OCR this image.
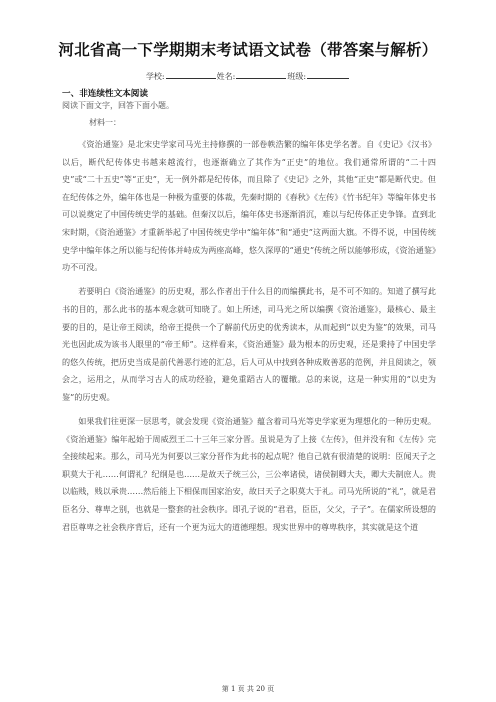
河北省高一下学期期末考试语文试卷（带答案与解析）
学校:	姓名:	班级:
一、非连续性文本阅读
阅读下面文字，回答下面小题。
材料一：

《资治通鉴》是北宋史学家司马光主持修撰的一部卷帙浩繁的编年体史学名著。自《史记》《汉书》以后，断代纪传体史书越来越流行，也逐渐确立了其作为“正史”的地位。我们通常所谓的“二十四史”或“二十五史”等“正史”，无一例外都是纪传体，而且除了《史记》之外，其他“正史”都是断代史。但在纪传体之外，编年体也是一种极为重要的体裁，先秦时期的《春秋》《左传》《竹书纪年》等编年体史书可以说奠定了中国传统史学的基础。但秦汉以后，编年体史书逐渐消沉，难以与纪传体正史争锋。直到北宋时期，《资治通鉴》才重新举起了中国传统史学中“编年体”和“通史”这两面大旗。不得不说，中国传统史学中编年体之所以能与纪传体并峙成为两座高峰，悠久深厚的“通史”传统之所以能够形成，《资治通鉴》功不可没。

若要明白《资治通鉴》的历史观，那么作者出于什么目的而编撰此书，是不可不知的。知道了撰写此书的目的，那么此书的基本观念就可知晓了。如上所述，司马光之所以编撰《资治通鉴》，最核心、最主要的目的，是让帝王阅读，给帝王提供一个了解前代历史的优秀读本，从而起到“以史为鉴”的效果，司马光也因此成为该书人眼里的“帝王师”。这样看来，《资治通鉴》最为根本的历史观，还是秉持了中国史学的悠久传统，把历史当成是前代善恶行迹的汇总，后人可从中找到各种成败善恶的范例，并且阅读之，领会之，运用之，从而学习古人的成功经验，避免重蹈古人的覆辙。总的来说，这是一种实用的“以史为鉴”的历史观。

如果我们往更深一层思考，就会发现《资治通鉴》蕴含着司马光等史学家更为理想化的一种历史观。《资治通鉴》编年起始于周威烈王二十三年三家分晋。虽说是为了上接《左传》，但并没有和《左传》完全接续起来。那么，司马光为何要以三家分晋作为此书的起点呢？他自己就有很清楚的说明：臣闻天子之职莫大于礼……何谓礼？纪纲是也……是故天子统三公，三公率诸侯，诸侯制卿大夫，卿大夫制庶人。贵以临贱，贱以承贵……然后能上下相保而国家治安，故曰天子之职莫大于礼。司马光所说的“礼”，就是君臣名分、尊卑之别，也就是一整套的社会秩序。即孔子说的“君君，臣臣，父父，子子”。在儒家所设想的君臣尊卑之社会秩序背后，还有一个更为远大的道德理想。现实世界中的尊卑秩序，其实就是这个道

第 1 页 共 20 页
